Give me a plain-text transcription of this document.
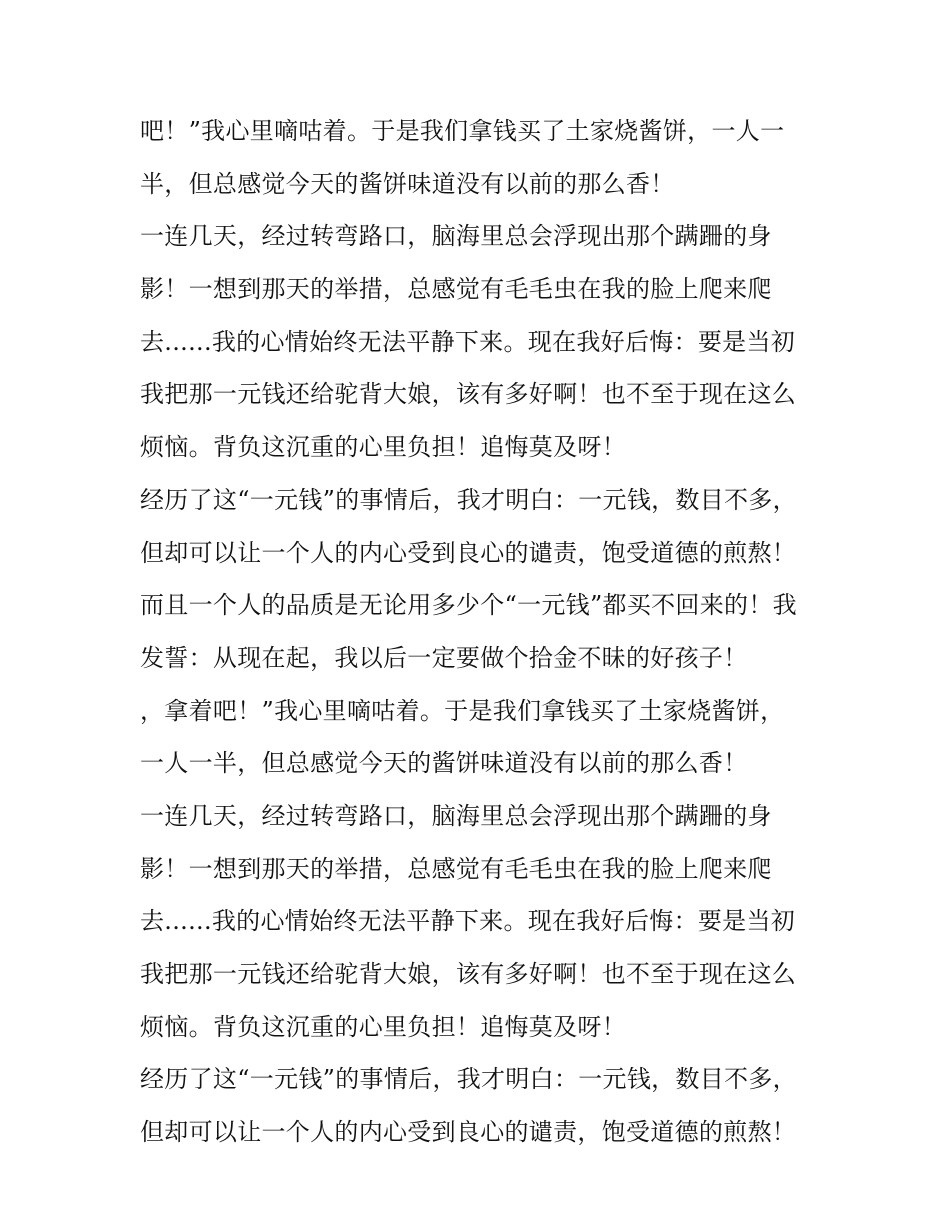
吧！”我心里嘀咕着。于是我们拿钱买了土家烧酱饼，一人一
半，但总感觉今天的酱饼味道没有以前的那么香！
一连几天，经过转弯路口，脑海里总会浮现出那个蹒跚的身
影！一想到那天的举措，总感觉有毛毛虫在我的脸上爬来爬
去......我的心情始终无法平静下来。现在我好后悔：要是当初
我把那一元钱还给驼背大娘，该有多好啊！也不至于现在这么
烦恼。背负这沉重的心里负担！追悔莫及呀！
经历了这“一元钱”的事情后，我才明白：一元钱，数目不多，
但却可以让一个人的内心受到良心的谴责，饱受道德的煎熬！
而且一个人的品质是无论用多少个“一元钱”都买不回来的！我
发誓：从现在起，我以后一定要做个拾金不昧的好孩子！
，拿着吧！”我心里嘀咕着。于是我们拿钱买了土家烧酱饼，
一人一半，但总感觉今天的酱饼味道没有以前的那么香！
一连几天，经过转弯路口，脑海里总会浮现出那个蹒跚的身
影！一想到那天的举措，总感觉有毛毛虫在我的脸上爬来爬
去......我的心情始终无法平静下来。现在我好后悔：要是当初
我把那一元钱还给驼背大娘，该有多好啊！也不至于现在这么
烦恼。背负这沉重的心里负担！追悔莫及呀！
经历了这“一元钱”的事情后，我才明白：一元钱，数目不多，
但却可以让一个人的内心受到良心的谴责，饱受道德的煎熬！
